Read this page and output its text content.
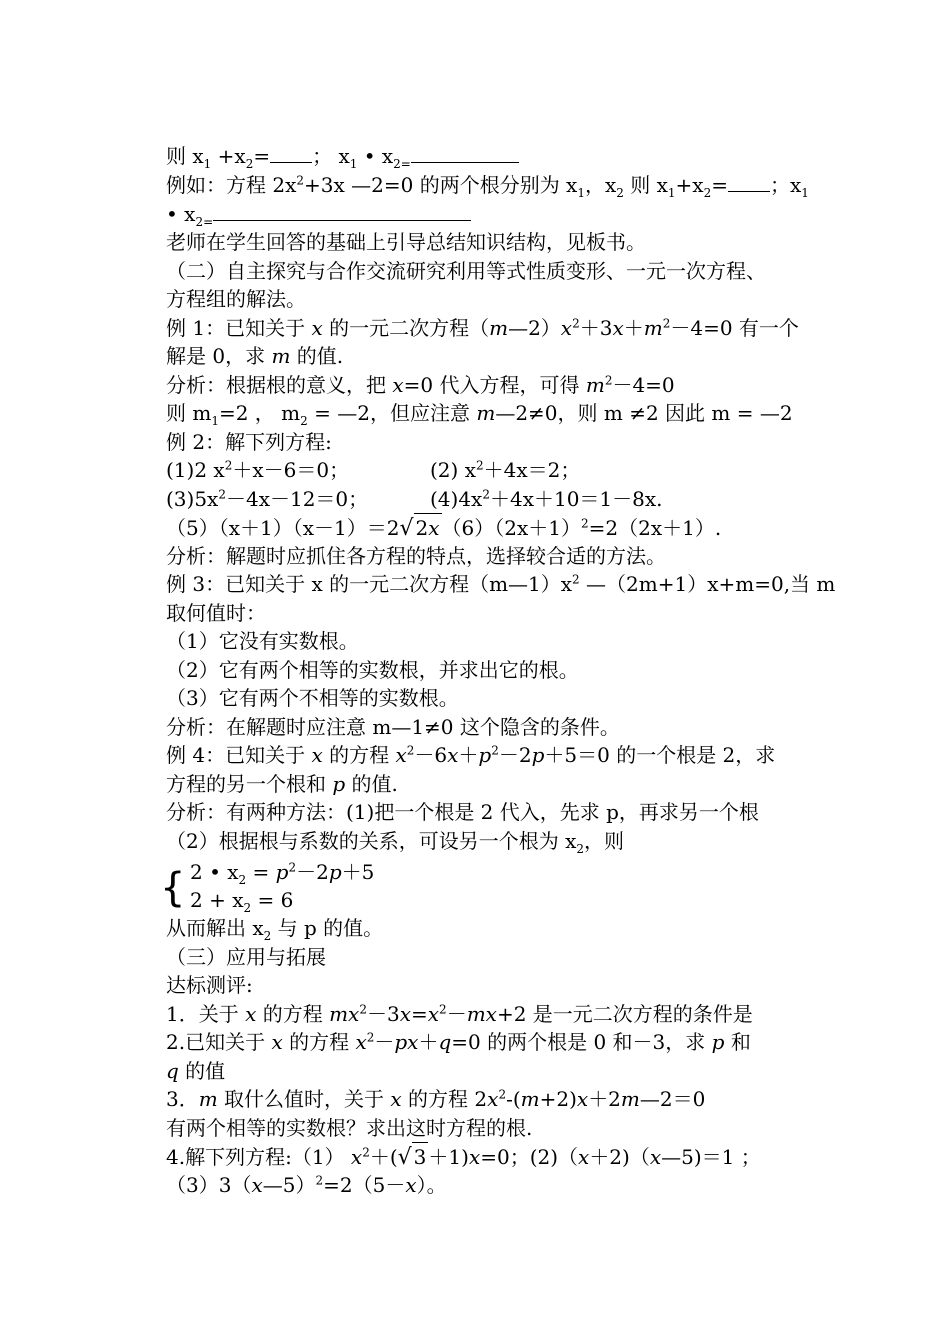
则 $x_1 +x_2=$ ； $x_1$ • $x_{2=}$
例如：方程 $2x^2+3x$ —2=0 的两个根分别为 $x_1$，$x_2$ 则 $x_1+x_2=$ ；$x_1$
• $x_{2=}$
老师在学生回答的基础上引导总结知识结构，见板书。
（二）自主探究与合作交流研究利用等式性质变形、一元一次方程、
方程组的解法。
例 1：已知关于 x 的一元二次方程$(m—2)x^2+3x+m^2-4=0$ 有一个
解是 0，求 m 的值.
分析：根据根的意义，把 x=0 代入方程，可得 $m^2-4=0$
则 $m_1=2$ ， $m_2$ = —2，但应注意 m—2≠0，则 m ≠2 因此 m = —2
例 2：解下列方程:
(1)2 $x^2+x-6=0$；	(2) $x^2+4x=2$；
$(3)5x^2-4x-12=0$；	$(4)4x^2+4x+10=1-8x$.
（5）（x＋1）（x－1）＝2√ 2x $(6)(2x+1)^2=2(2x+1)$.
分析：解题时应抓住各方程的特点，选择较合适的方法。
例 3：已知关于 x 的一元二次方程$(m—1)x^2$ —（2m+1）x+m=0,当 m
取何值时：
（1）它没有实数根。
（2）它有两个相等的实数根，并求出它的根。
（3）它有两个不相等的实数根。
分析：在解题时应注意 m—1≠0 这个隐含的条件。
例 4：已知关于 x 的方程 $x^2-6x+p^2-2p+5=0$ 的一个根是 2，求
方程的另一个根和 p 的值.
分析：有两种方法：(1)把一个根是 2 代入，先求 p，再求另一个根
（2）根据根与系数的关系，可设另一个根为 $x_2$，则
{ 2 • $x_2 = p^2-2p+5$
$2 + x_2 = 6$
从而解出 $x_2$ 与 p 的值。
（三）应用与拓展
达标测评:
1．关于 x 的方程 $mx^2-3x=x^2-mx+2$ 是一元二次方程的条件是
2.已知关于 x 的方程 $x^2-px+q=0$ 的两个根是 0 和－3，求 p 和
q 的值
3．m 取什么值时，关于 x 的方程 $2x^2-(m+2)x+2m—2=0$
有两个相等的实数根？求出这时方程的根.
4.解下列方程:（1） $x^2+(√$ 3 ＋1)x=0；(2)（x＋2)（x—5)＝1 ；
（3）3（x—5）$^2$=2（5－x）。
